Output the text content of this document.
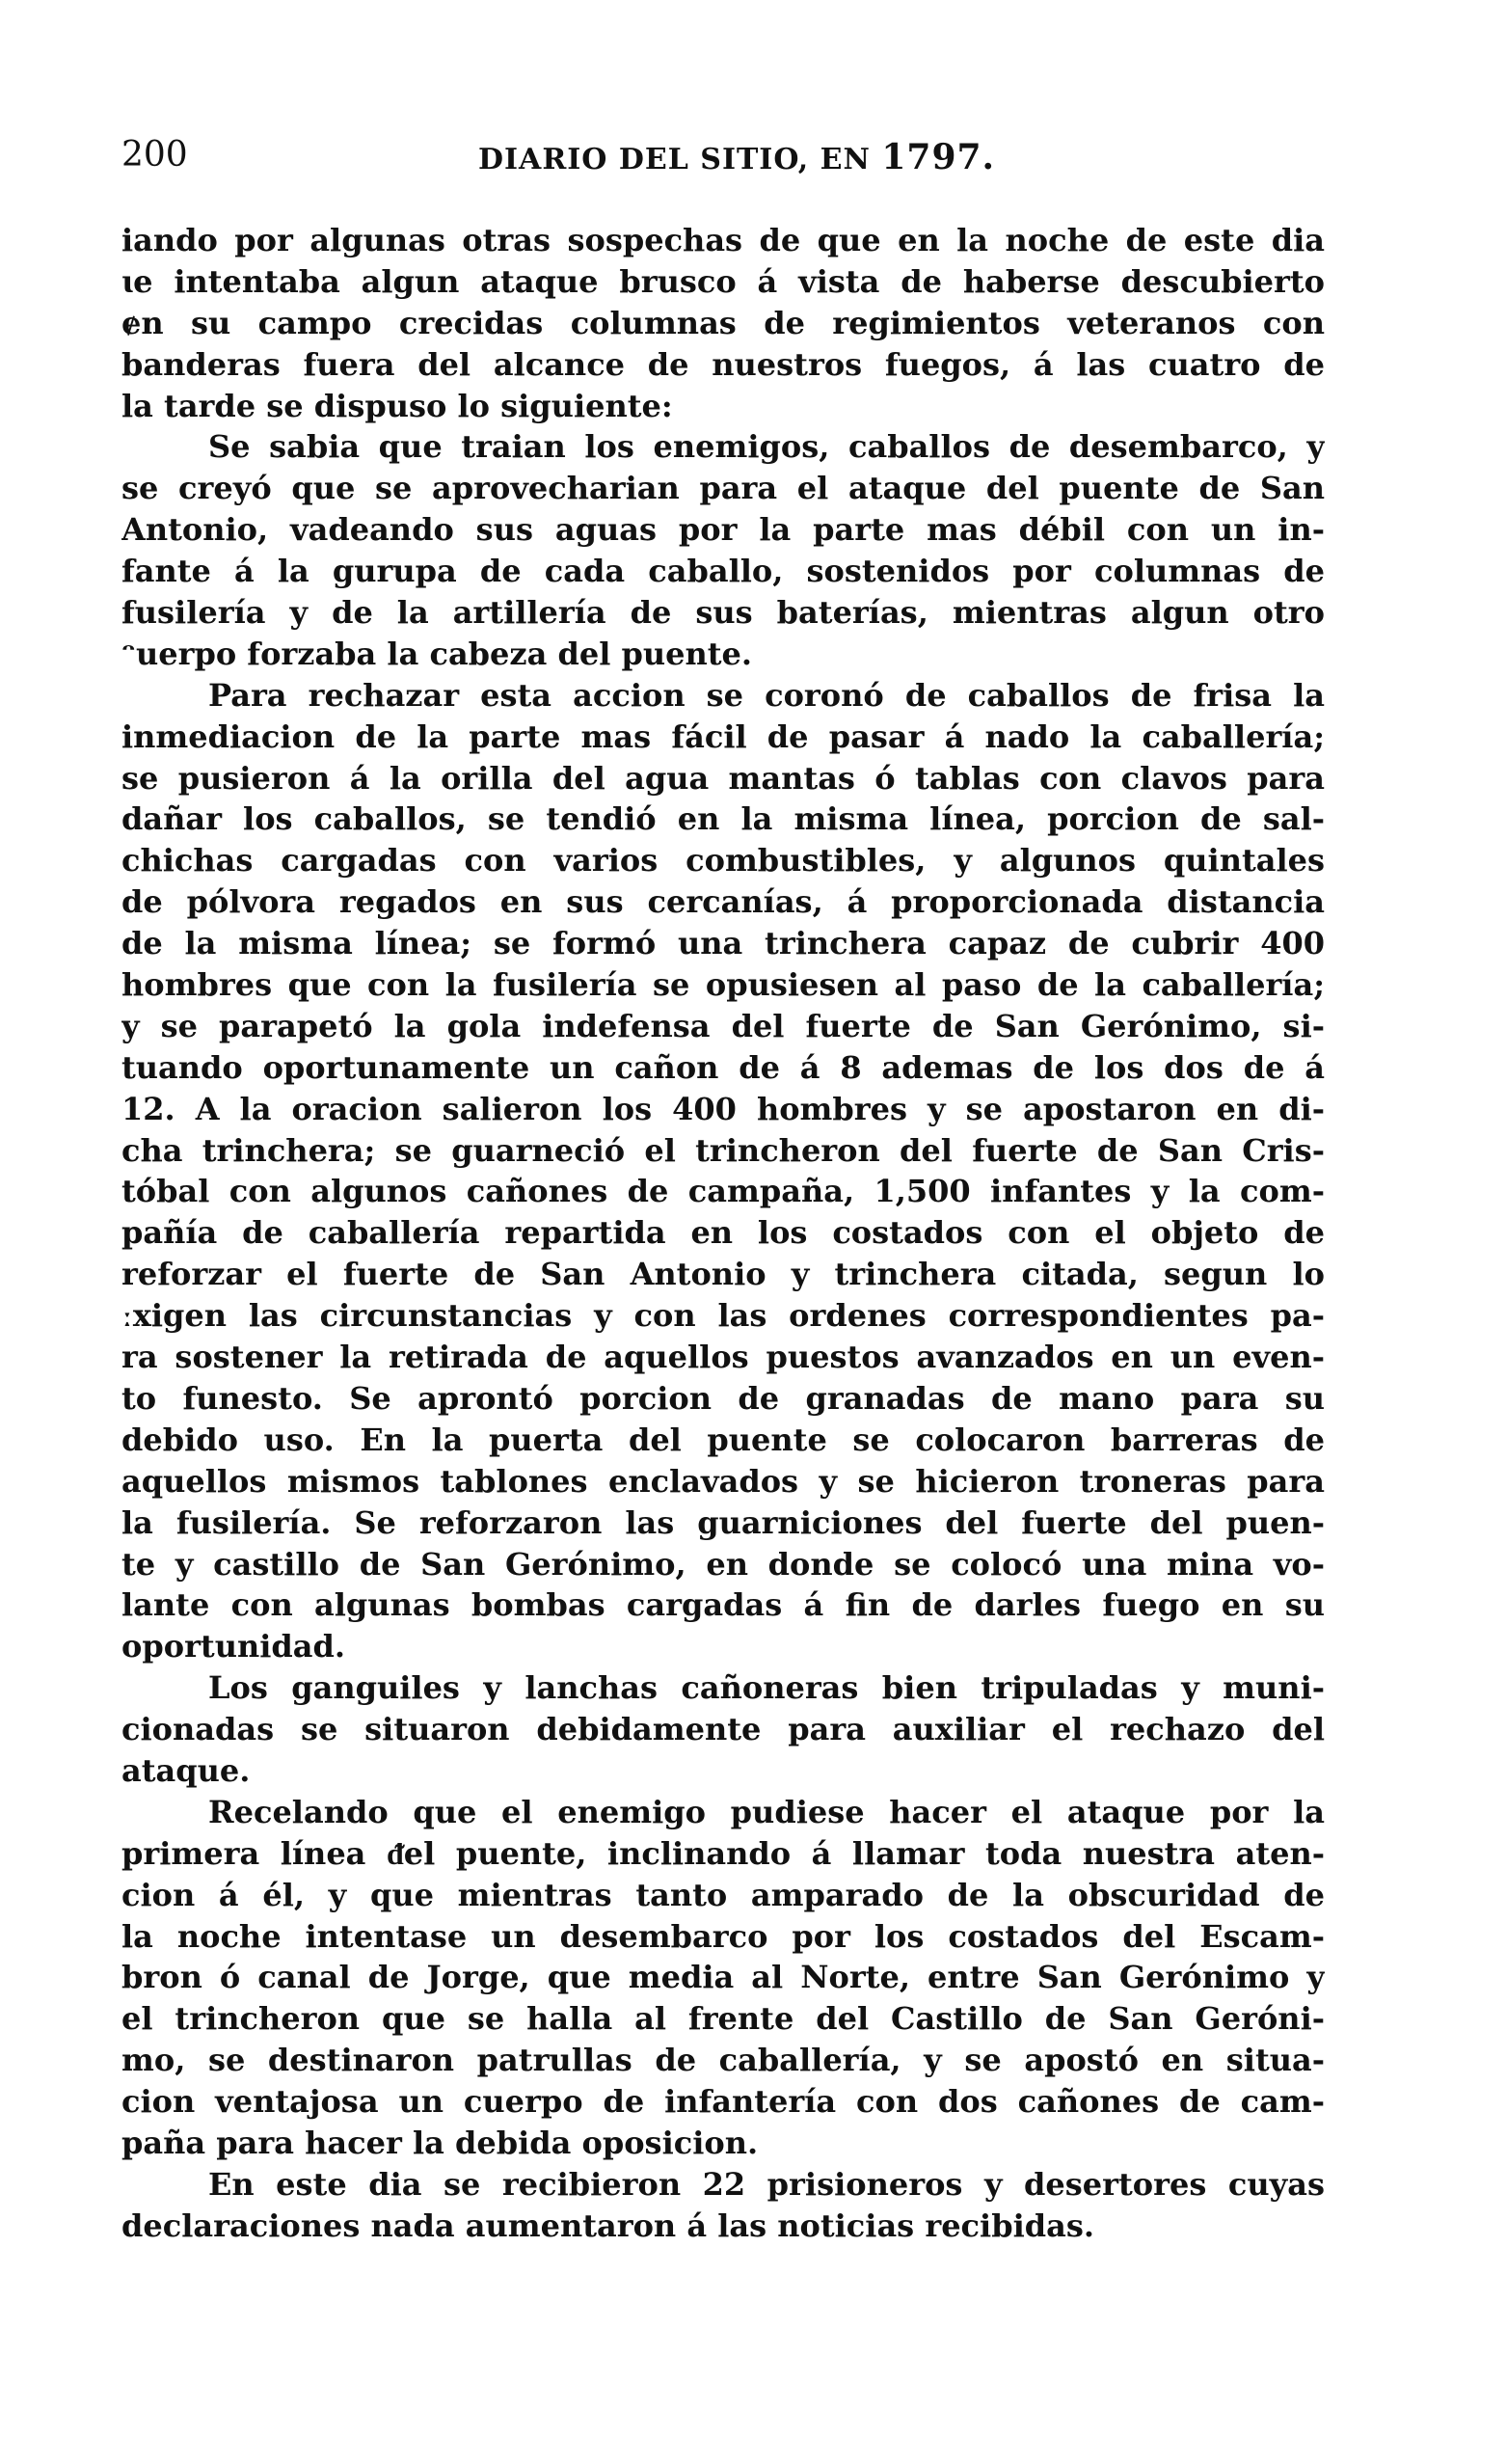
200	DIARIO DEL SITIO, EN 1797.
iando por algunas otras sospechas de que en la noche de este dia
ɩe intentaba algun ataque brusco á vista de haberse descubierto
ɇn su campo crecidas columnas de regimientos veteranos con
banderas fuera del alcance de nuestros fuegos, á las cuatro de
la tarde se dispuso lo siguiente:
Se sabia que traian los enemigos, caballos de desembarco, y
se creyó que se aprovecharian para el ataque del puente de San
Antonio, vadeando sus aguas por la parte mas débil con un in-
fante á la gurupa de cada caballo, sostenidos por columnas de
fusilería y de la artillería de sus baterías, mientras algun otro
ᵔuerpo forzaba la cabeza del puente.
Para rechazar esta accion se coronó de caballos de frisa la
inmediacion de la parte mas fácil de pasar á nado la caballería;
se pusieron á la orilla del agua mantas ó tablas con clavos para
dañar los caballos, se tendió en la misma línea, porcion de sal-
chichas cargadas con varios combustibles, y algunos quintales
de pólvora regados en sus cercanías, á proporcionada distancia
de la misma línea; se formó una trinchera capaz de cubrir 400
hombres que con la fusilería se opusiesen al paso de la caballería;
y se parapetó la gola indefensa del fuerte de San Gerónimo, si-
tuando oportunamente un cañon de á 8 ademas de los dos de á
12. A la oracion salieron los 400 hombres y se apostaron en di-
cha trinchera; se guarneció el trincheron del fuerte de San Cris-
tóbal con algunos cañones de campaña, 1,500 infantes y la com-
pañía de caballería repartida en los costados con el objeto de
reforzar el fuerte de San Antonio y trinchera citada, segun lo
ːxigen las circunstancias y con las ordenes correspondientes pa-
ra sostener la retirada de aquellos puestos avanzados en un even-
to funesto. Se aprontó porcion de granadas de mano para su
debido uso. En la puerta del puente se colocaron barreras de
aquellos mismos tablones enclavados y se hicieron troneras para
la fusilería. Se reforzaron las guarniciones del fuerte del puen-
te y castillo de San Gerónimo, en donde se colocó una mina vo-
lante con algunas bombas cargadas á fin de darles fuego en su
oportunidad.
Los ganguiles y lanchas cañoneras bien tripuladas y muni-
cionadas se situaron debidamente para auxiliar el rechazo del
ataque.
Recelando que el enemigo pudiese hacer el ataque por la
primera línea ᵭel puente, inclinando á llamar toda nuestra aten-
cion á él, y que mientras tanto amparado de la obscuridad de
la noche intentase un desembarco por los costados del Escam-
bron ó canal de Jorge, que media al Norte, entre San Gerónimo y
el trincheron que se halla al frente del Castillo de San Geróni-
mo, se destinaron patrullas de caballería, y se apostó en situa-
cion ventajosa un cuerpo de infantería con dos cañones de cam-
paña para hacer la debida oposicion.
En este dia se recibieron 22 prisioneros y desertores cuyas
declaraciones nada aumentaron á las noticias recibidas.
